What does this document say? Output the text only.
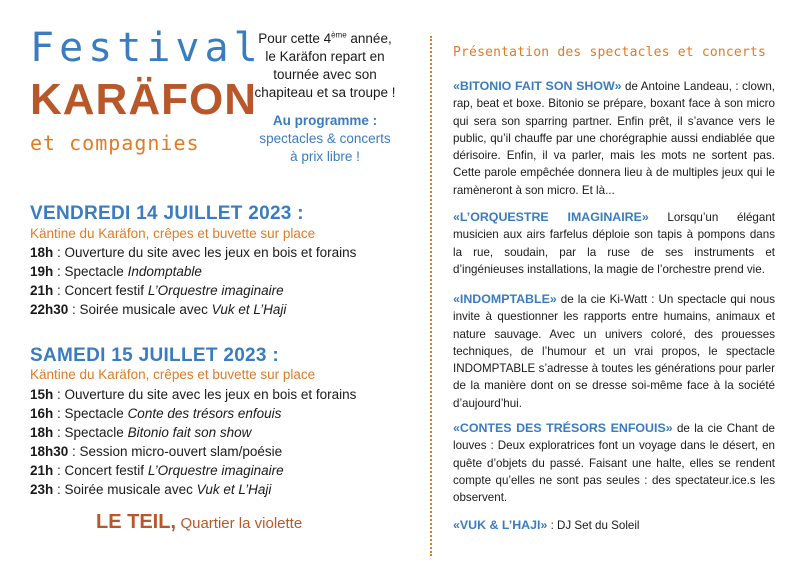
Festival
KARÄFON
et compagnies
Pour cette 4ème année,
le Karäfon repart en
tournée avec son
chapiteau et sa troupe !
Au programme :
spectacles & concerts
à prix libre !
VENDREDI 14 JUILLET 2023 :
Käntine du Karäfon, crêpes et buvette sur place
18h : Ouverture du site avec les jeux en bois et forains
19h : Spectacle Indomptable
21h : Concert festif L’Orquestre imaginaire
22h30 : Soirée musicale avec Vuk et L’Haji
SAMEDI 15 JUILLET 2023 :
Käntine du Karäfon, crêpes et buvette sur place
15h : Ouverture du site avec les jeux en bois et forains
16h : Spectacle Conte des trésors enfouis
18h : Spectacle Bitonio fait son show
18h30 : Session micro-ouvert slam/poésie
21h : Concert festif L’Orquestre imaginaire
23h : Soirée musicale avec Vuk et L’Haji
LE TEIL, Quartier la violette
Présentation des spectacles et concerts

«BITONIO FAIT SON SHOW» de Antoine Landeau, : clown, rap, beat et boxe. Bitonio se prépare, boxant face à son micro qui sera son sparring partner. Enfin prêt, il s’avance vers le public, qu’il chauffe par une chorégraphie aussi endiablée que dérisoire. Enfin, il va parler, mais les mots ne sortent pas. Cette parole empêchée donnera lieu à de multiples jeux qui le ramèneront à son micro. Et là...

«L’ORQUESTRE IMAGINAIRE» Lorsqu’un élégant musicien aux airs farfelus déploie son tapis à pompons dans la rue, soudain, par la ruse de ses instruments et d’ingénieuses installations, la magie de l’orchestre prend vie.

«INDOMPTABLE» de la cie Ki-Watt : Un spectacle qui nous invite à questionner les rapports entre humains, animaux et nature sauvage. Avec un univers coloré, des prouesses techniques, de l’humour et un vrai propos, le spectacle INDOMPTABLE s’adresse à toutes les générations pour parler de la manière dont on se dresse soi-même face à la société d’aujourd’hui.

«CONTES DES TRÉSORS ENFOUIS» de la cie Chant de louves : Deux exploratrices font un voyage dans le désert, en quête d’objets du passé. Faisant une halte, elles se rendent compte qu’elles ne sont pas seules : des spectateur.ice.s les observent.

«VUK & L’HAJI» : DJ Set du Soleil
